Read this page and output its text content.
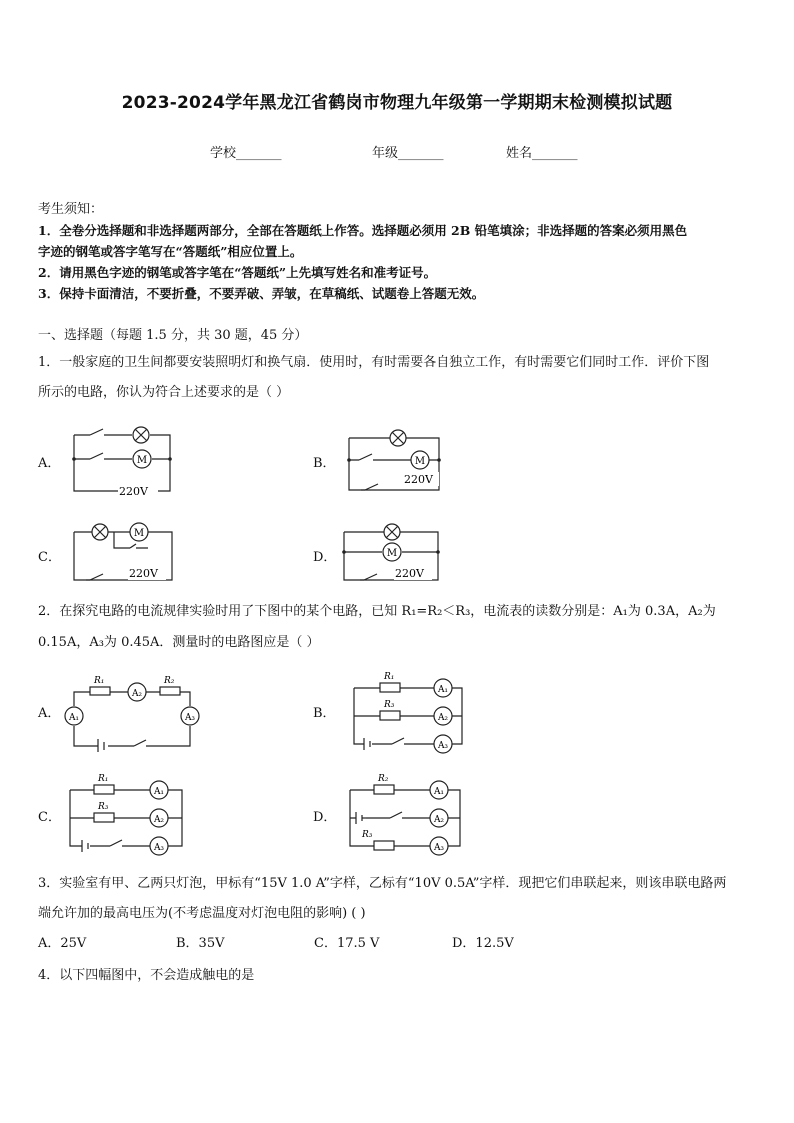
2023-2024学年黑龙江省鹤岗市物理九年级第一学期期末检测模拟试题
学校_______	年级_______	姓名_______
考生须知：
1．全卷分选择题和非选择题两部分，全部在答题纸上作答。选择题必须用 2B 铅笔填涂；非选择题的答案必须用黑色
字迹的钢笔或答字笔写在“答题纸”相应位置上。
2．请用黑色字迹的钢笔或答字笔在“答题纸”上先填写姓名和准考证号。
3．保持卡面清洁，不要折叠，不要弄破、弄皱，在草稿纸、试题卷上答题无效。
一、选择题（每题 1.5 分，共 30 题，45 分）
1．一般家庭的卫生间都要安装照明灯和换气扇．使用时，有时需要各自独立工作，有时需要它们同时工作．评价下图
所示的电路，你认为符合上述要求的是（ ）
A．	B．
C．	D．
M
220V
M
220V
M
220V
M
220V
2．在探究电路的电流规律实验时用了下图中的某个电路，已知 R₁=R₂＜R₃，电流表的读数分别是：A₁为 0.3A，A₂为
0.15A，A₃为 0.45A．测量时的电路图应是（ ）
A．	B．
C．	D．
R₁	R₂
A₂
A₁	A₃
R₁
R₃
A₁
A₂
A₃
R₁
R₃
A₁
A₂
A₃
R₂
R₃
A₁
A₂
A₃
3．实验室有甲、乙两只灯泡，甲标有“15V 1.0 A”字样，乙标有“10V 0.5A”字样．现把它们串联起来，则该串联电路两
端允许加的最高电压为(不考虑温度对灯泡电阻的影响) ( )
A．25V	B．35V	C．17.5 V	D．12.5V
4．以下四幅图中，不会造成触电的是
